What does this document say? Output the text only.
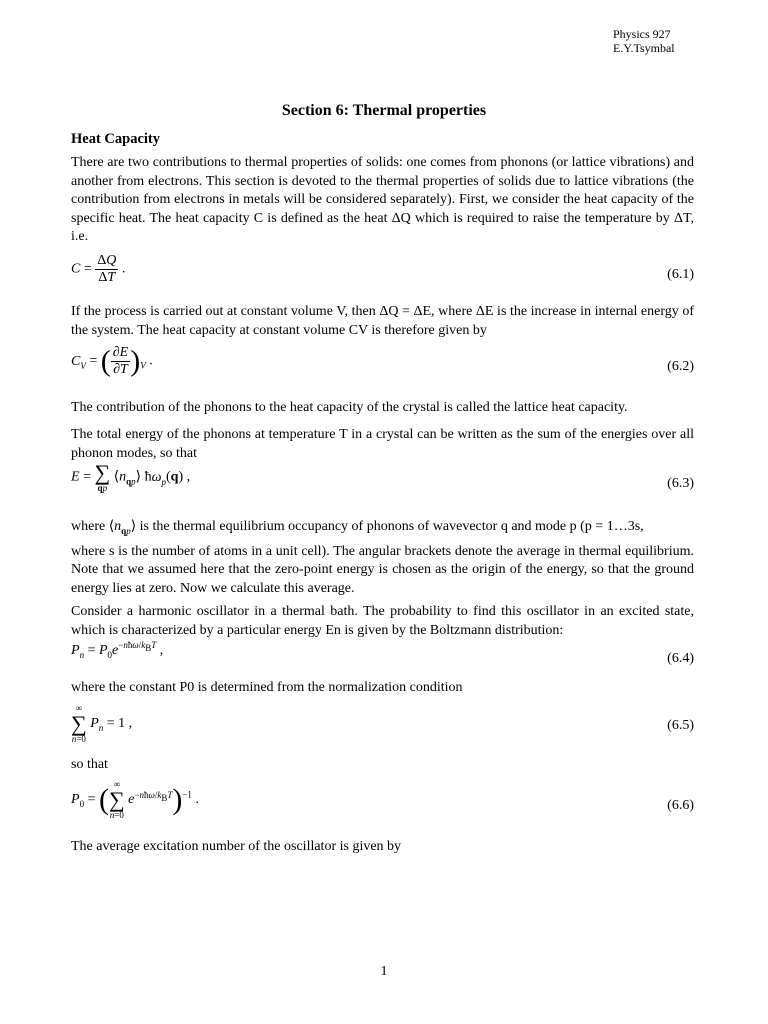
Physics 927
E.Y.Tsymbal
Section 6: Thermal properties
Heat Capacity

There are two contributions to thermal properties of solids: one comes from phonons (or lattice vibrations) and another from electrons. This section is devoted to the thermal properties of solids due to lattice vibrations (the contribution from electrons in metals will be considered separately). First, we consider the heat capacity of the specific heat. The heat capacity C is defined as the heat ΔQ which is required to raise the temperature by ΔT, i.e.

$C = \frac{\Delta Q}{\Delta T}$ .	(6.1)

If the process is carried out at constant volume V, then ΔQ = ΔE, where ΔE is the increase in internal energy of the system. The heat capacity at constant volume CV is therefore given by

$C_V$ = ( $\frac{\partial E}{\partial T} )_V$ .	(6.2)

The contribution of the phonons to the heat capacity of the crystal is called the lattice heat capacity.

The total energy of the phonons at temperature T in a crystal can be written as the sum of the energies over all phonon modes, so that

E = ∑
qp
$⟨n_{qp}⟩$ $ħ\omega_p(q)$ ,	(6.3)

where $⟨n_{qp}⟩$ is the thermal equilibrium occupancy of phonons of wavevector q and mode p (p = 1…3s,

where s is the number of atoms in a unit cell). The angular brackets denote the average in thermal equilibrium. Note that we assumed here that the zero-point energy is chosen as the origin of the energy, so that the ground energy lies at zero. Now we calculate this average.

Consider a harmonic oscillator in a thermal bath. The probability to find this oscillator in an excited state, which is characterized by a particular energy En is given by the Boltzmann distribution:

$P_n = P_0e^{-nħ\omega/k_BT}$ ,
(6.4)

where the constant P0 is determined from the normalization condition

∞
∑
n=0
$P_n = 1$ ,	(6.5)

so that

$P_0$ = ( ∞
∑
n=0
$e^{-nħ\omega/k_BT})^{-1}$ .	(6.6)

The average excitation number of the oscillator is given by

1
